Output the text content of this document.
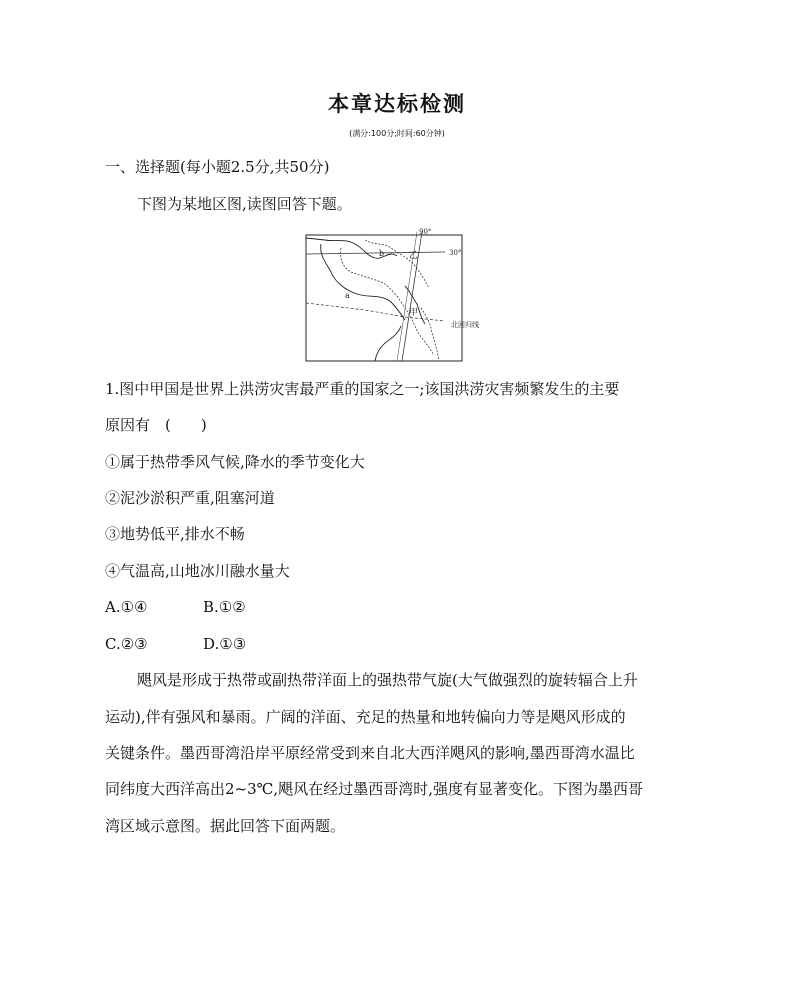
本章达标检测
(满分:100分;时间:60分钟)
一、选择题(每小题2.5分,共50分)
下图为某地区图,读图回答下题。
90°
30°
b	乙
a
甲
北回归线
1.图中甲国是世界上洪涝灾害最严重的国家之一;该国洪涝灾害频繁发生的主要
原因有　(　　)
①属于热带季风气候,降水的季节变化大
②泥沙淤积严重,阻塞河道
③地势低平,排水不畅
④气温高,山地冰川融水量大
A.①④	B.①②
C.②③	D.①③
飓风是形成于热带或副热带洋面上的强热带气旋(大气做强烈的旋转辐合上升
运动),伴有强风和暴雨。广阔的洋面、充足的热量和地转偏向力等是飓风形成的
关键条件。墨西哥湾沿岸平原经常受到来自北大西洋飓风的影响,墨西哥湾水温比
同纬度大西洋高出2~3℃,飓风在经过墨西哥湾时,强度有显著变化。下图为墨西哥
湾区域示意图。据此回答下面两题。
